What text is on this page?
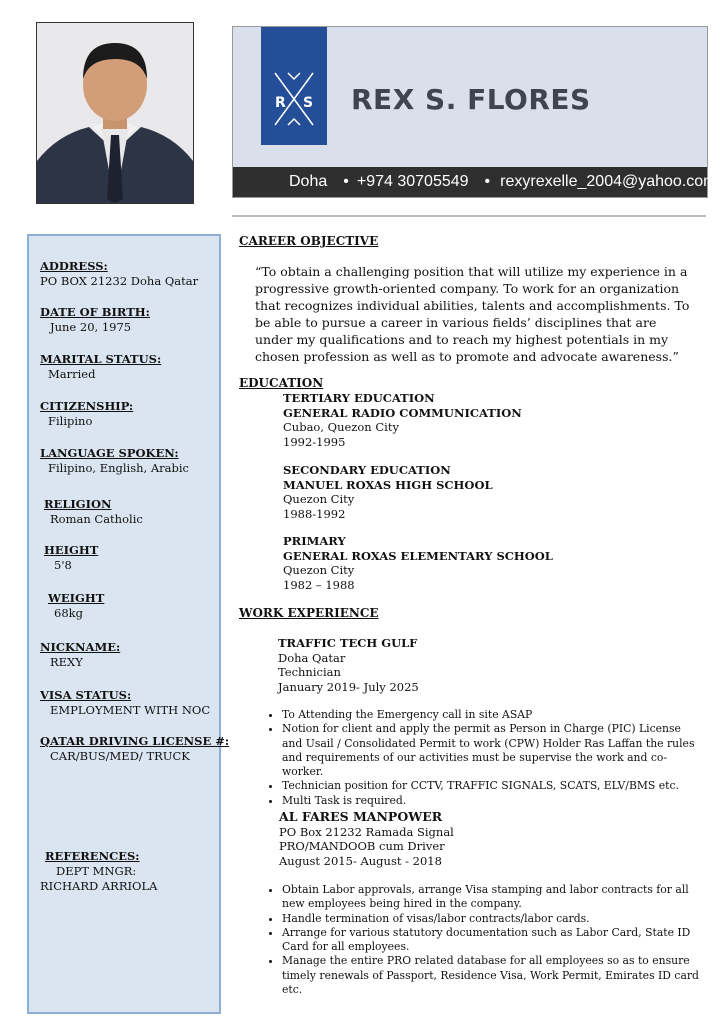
R S REX S. FLORES
Doha • +974 30705549 • rexyrexelle_2004@yahoo.com
ADDRESS:
PO BOX 21232 Doha Qatar
DATE OF BIRTH:
June 20, 1975
MARITAL STATUS:
Married
CITIZENSHIP:
Filipino
LANGUAGE SPOKEN:
Filipino, English, Arabic
RELIGION
Roman Catholic
HEIGHT
5'8
WEIGHT
68kg
NICKNAME:
REXY
VISA STATUS:
EMPLOYMENT WITH NOC
QATAR DRIVING LICENSE #:
CAR/BUS/MED/ TRUCK
REFERENCES:
DEPT MNGR:
RICHARD ARRIOLA
CAREER OBJECTIVE
“To obtain a challenging position that will utilize my experience in a progressive growth-oriented company. To work for an organization that recognizes individual abilities, talents and accomplishments. To be able to pursue a career in various fields’ disciplines that are under my qualifications and to reach my highest potentials in my chosen profession as well as to promote and advocate awareness.”
EDUCATION
TERTIARY EDUCATION
GENERAL RADIO COMMUNICATION
Cubao, Quezon City
1992-1995
SECONDARY EDUCATION
MANUEL ROXAS HIGH SCHOOL
Quezon City
1988-1992
PRIMARY
GENERAL ROXAS ELEMENTARY SCHOOL
Quezon City
1982 – 1988
WORK EXPERIENCE
TRAFFIC TECH GULF
Doha Qatar
Technician
January 2019- July 2025
• To Attending the Emergency call in site ASAP
• Notion for client and apply the permit as Person in Charge (PIC) License and Usail / Consolidated Permit to work (CPW) Holder Ras Laffan the rules and requirements of our activities must be supervise the work and co-worker.
• Technician position for CCTV, TRAFFIC SIGNALS, SCATS, ELV/BMS etc.
• Multi Task is required.
AL FARES MANPOWER
PO Box 21232 Ramada Signal
PRO/MANDOOB cum Driver
August 2015- August - 2018
• Obtain Labor approvals, arrange Visa stamping and labor contracts for all new employees being hired in the company.
• Handle termination of visas/labor contracts/labor cards.
• Arrange for various statutory documentation such as Labor Card, State ID Card for all employees.
• Manage the entire PRO related database for all employees so as to ensure timely renewals of Passport, Residence Visa, Work Permit, Emirates ID card etc.
